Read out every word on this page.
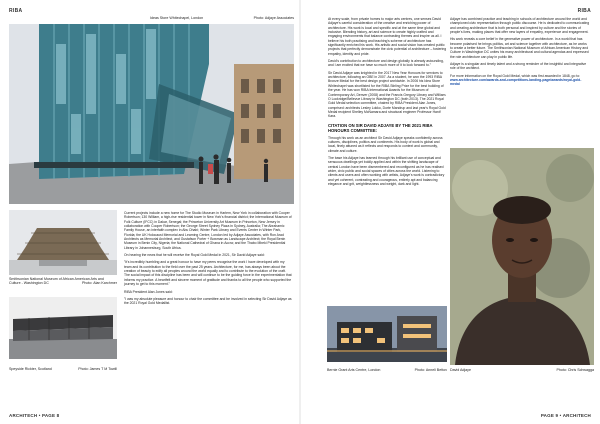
RIBA
Ideas Store Whitechapel, London	Photo: Adjaye Associates
Smithsonian National Museum of African American Arts and
Culture - Washington DC	Photo: Alan Karchmer
Speyside Rickter, Scotland	Photo: James T M Towill

Current projects include a new home for The Studio Museum in Harlem, New York in collaboration with Cooper Robertson; 130 William, a high-rise residential tower in New York's financial district; the International Museum of Folk Culture (IFCC) in Dakar, Senegal; the Princeton University Art Museum in Princeton, New Jersey in collaboration with Cooper Robertson; the George Street Sydney Plaza in Sydney, Australia; The Abrahamic Family House, an interfaith complex in Abu Dhabi; Winter Park Library and Events Center in Winter Park, Florida; the UK Holocaust Memorial and Learning Centre, London led by Adjaye Associates, with Ron Arad Architects as Memorial Architect, and Gustafson Porter + Bowman as Landscape Architect; the Royal Benin Museum in Benin City, Nigeria; the National Cathedral of Ghana in Accra; and the Thabo Mbeki Presidential Library in Johannesburg, South Africa.

On hearing the news that he will receive the Royal Gold Medal in 2021, Sir David Adjaye said:

"It's incredibly humbling and a great honour to have my peers recognise the work I have developed with my team and its contribution to the field over the past 25 years. Architecture, for me, has always been about the creation of beauty to edify all peoples around the world equally and to contribute to the evolution of the craft. The social impact of this discipline has been and will continue to be the guiding force in the experimentation that informs my practice. A heartfelt and sincere moment of gratitude and thanks to all the people who supported the journey to get to this moment."

RIBA President Alan Jones said:

"I was my absolute pleasure and honour to chair the committee and be involved in selecting Sir David Adjaye as the 2021 Royal Gold Medallist.

ARCHITECH • PAGE 8
RIBA

At every scale, from private homes to major arts centres, one senses David Adjaye's careful consideration of the creative and enriching power of architecture. His work is local and specific and at the same time global and inclusive. Blending history, art and science to create highly crafted and engaging environments that balance contrasting themes and inspire us all. I believe his both practising and teaching's scheme of architecture has significantly enriched his work. His artistic and social vision has created public projects that perfectly demonstrate the civic potential of architecture – fostering empathy, identity and pride.

David's contribution to architecture and design globally is already astounding, and I am excited that we have so much more of it to look forward to."

Sir David Adjaye was knighted in the 2017 New Year Honours for services to architecture, following an OBE in 2007. As a student, he won the 1993 RIBA Bronze Medal for the best design project worldwide. In 2006 his Idea Store Whitechapel was shortlisted for the RIBA Stirling Prize for the best building of the year. He has won RIBA International Awards for the Museum of Contemporary Art, Denver (2008) and the Francis Gregory Library and William. O Lockridge/Bellevue Library in Washington DC (both 2013). The 2021 Royal Gold Medal selection committee, chaired by RIBA President Alan Jones, comprised: architects Lesley Lokko, Dorte Mandrup and last year's Royal Gold Medal recipient Shelley McNamara and structural engineer Professor Hanif Kara.

CITATION ON SIR DAVID ADJAYE BY THE 2021 RIBA HONOURS COMMITTEE:

Through his work as an architect Sir David Adjaye speaks confidently across cultures, disciplines, politics and continents. His body of work is global and local, finely attuned as it reflects and responds to context and community, climate and culture.

The base his Adjaye has learned through his brilliant use of conceptual and sensuous dwellings yet boldly applied and within the shifting landscape of central London have been dismembered and reconfigured as he has realised wider, civic public and social spaces of cities across the world. Listening to clients and users and often working with artists, Adjaye's work is contradictory and yet coherent, contrasting and courageous, entirely apt and balancing elegance and grit, weightlessness and weight, dark and light.

Bernie Grant Arts Centre, London	Photo: Anneli Bettov

Adjaye has combined practice and teaching in schools of architecture around the world and championed civic representation through public discourse. He is dedicated to communicating and creating architecture that is both personal and inspired by culture and the stories of people's lives, making places that offer new layers of empathy, experience and engagement.

His work reveals a core belief in the generative power of architecture. In a world that has become polarised he brings politics, art and science together with architecture, as he works to create a better future. The Smithsonian National Museum of African American History and Culture in Washington DC unites his many architectural and cultural agendas and expressed the role architecture can play in public life.

Adjaye is a singular and timely talent and a strong reminder of the insightful and integrative role of the architect.

For more information on the Royal Gold Medal, which was first awarded in 1848, go to: www.architecture.com/awards-and-competitions-landing-page/awards/royal-gold-medal

David Adjaye	Photo: Chris Schwagga
PAGE 9 • ARCHITECH
